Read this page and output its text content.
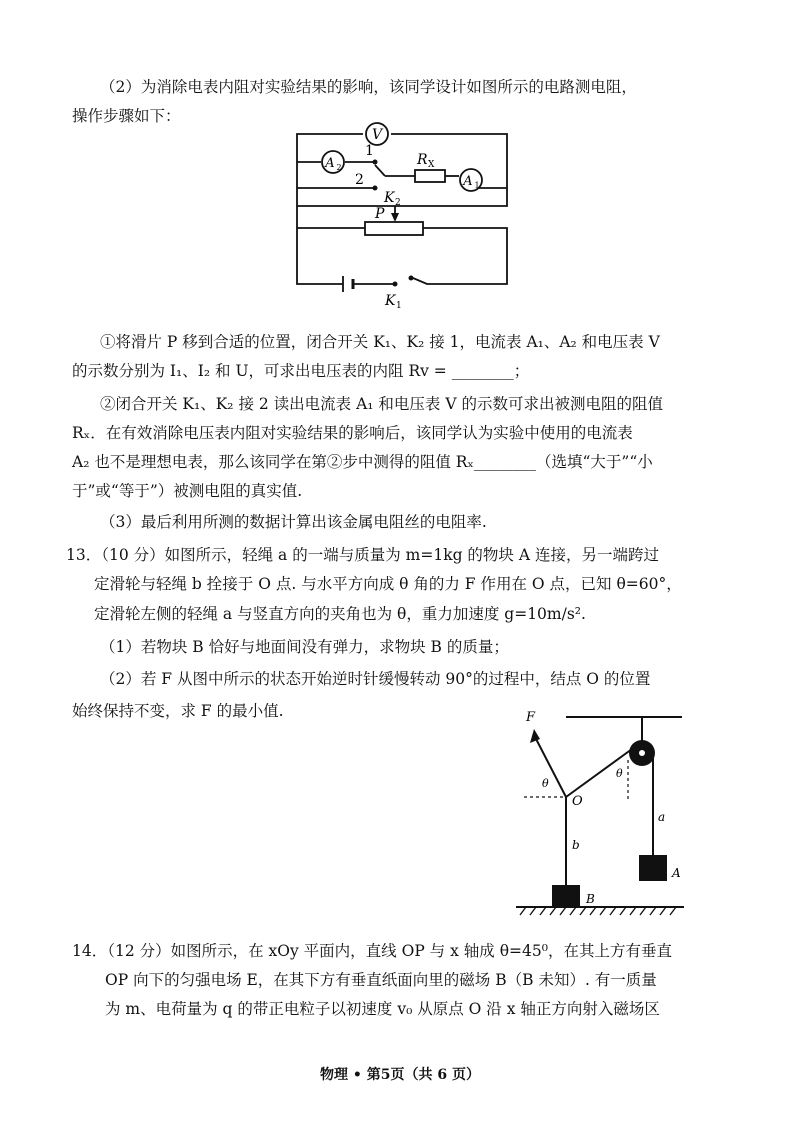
（2）为消除电表内阻对实验结果的影响，该同学设计如图所示的电路测电阻，
操作步骤如下：
V
A 2
1
2
K 2
R X
A 1
P
K 1
①将滑片 P 移到合适的位置，闭合开关 K₁、K₂ 接 1，电流表 A₁、A₂ 和电压表 V
的示数分别为 I₁、I₂ 和 U，可求出电压表的内阻 Rv = ________；
②闭合开关 K₁、K₂ 接 2 读出电流表 A₁ 和电压表 V 的示数可求出被测电阻的阻值
Rₓ．在有效消除电压表内阻对实验结果的影响后，该同学认为实验中使用的电流表
A₂ 也不是理想电表，那么该同学在第②步中测得的阻值 Rₓ________（选填“大于”“小
于”或“等于”）被测电阻的真实值.
（3）最后利用所测的数据计算出该金属电阻丝的电阻率.
13．（10 分）如图所示，轻绳 a 的一端与质量为 m=1kg 的物块 A 连接，另一端跨过
定滑轮与轻绳 b 拴接于 O 点. 与水平方向成 θ 角的力 F 作用在 O 点，已知 θ=60°，
定滑轮左侧的轻绳 a 与竖直方向的夹角也为 θ，重力加速度 g=10m/s².
（1）若物块 B 恰好与地面间没有弹力，求物块 B 的质量；
（2）若 F 从图中所示的状态开始逆时针缓慢转动 90°的过程中，结点 O 的位置
始终保持不变，求 F 的最小值.	F
θ
θ
O
b
a
A
B
14．（12 分）如图所示，在 xOy 平面内，直线 OP 与 x 轴成 θ=45⁰，在其上方有垂直
OP 向下的匀强电场 E，在其下方有垂直纸面向里的磁场 B（B 未知）. 有一质量
为 m、电荷量为 q 的带正电粒子以初速度 v₀ 从原点 O 沿 x 轴正方向射入磁场区
物理 • 第5页（共 6 页）
